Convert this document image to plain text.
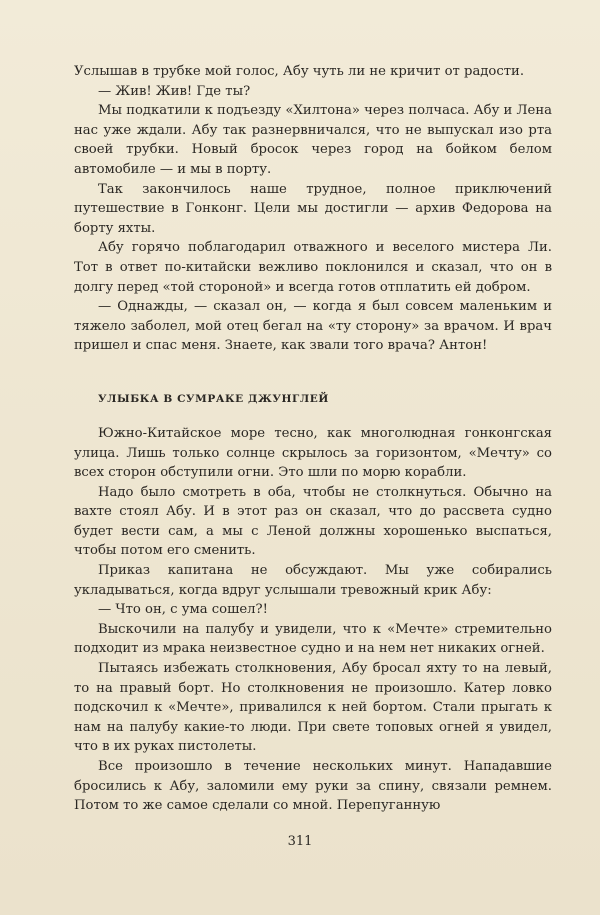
Услышав в трубке мой голос, Абу чуть ли не кричит от радости.

— Жив! Жив! Где ты?

Мы подкатили к подъезду «Хилтона» через полчаса. Абу и Лена нас уже ждали. Абу так разнервничался, что не выпускал изо рта своей трубки. Новый бросок через город на бойком белом автомобиле — и мы в порту.

Так закончилось наше трудное, полное приключений путешествие в Гонконг. Цели мы достигли — архив Федорова на борту яхты.

Абу горячо поблагодарил отважного и веселого мистера Ли. Тот в ответ по-китайски вежливо поклонился и сказал, что он в долгу перед «той стороной» и всегда готов отплатить ей добром.

— Однажды, — сказал он, — когда я был совсем маленьким и тяжело заболел, мой отец бегал на «ту сторону» за врачом. И врач пришел и спас меня. Знаете, как звали того врача? Антон!

УЛЫБКА В СУМРАКЕ ДЖУНГЛЕЙ

Южно-Китайское море тесно, как многолюдная гонконгская улица. Лишь только солнце скрылось за горизонтом, «Мечту» со всех сторон обступили огни. Это шли по морю корабли.

Надо было смотреть в оба, чтобы не столкнуться. Обычно на вахте стоял Абу. И в этот раз он сказал, что до рассвета судно будет вести сам, а мы с Леной должны хорошенько выспаться, чтобы потом его сменить.

Приказ капитана не обсуждают. Мы уже собирались укладываться, когда вдруг услышали тревожный крик Абу:

— Что он, с ума сошел?!

Выскочили на палубу и увидели, что к «Мечте» стремительно подходит из мрака неизвестное судно и на нем нет никаких огней.

Пытаясь избежать столкновения, Абу бросал яхту то на левый, то на правый борт. Но столкновения не произошло. Катер ловко подскочил к «Мечте», привалился к ней бортом. Стали прыгать к нам на палубу какие-то люди. При свете топовых огней я увидел, что в их руках пистолеты.

Все произошло в течение нескольких минут. Нападавшие бросились к Абу, заломили ему руки за спину, связали ремнем. Потом то же самое сделали со мной. Перепуганную

311
